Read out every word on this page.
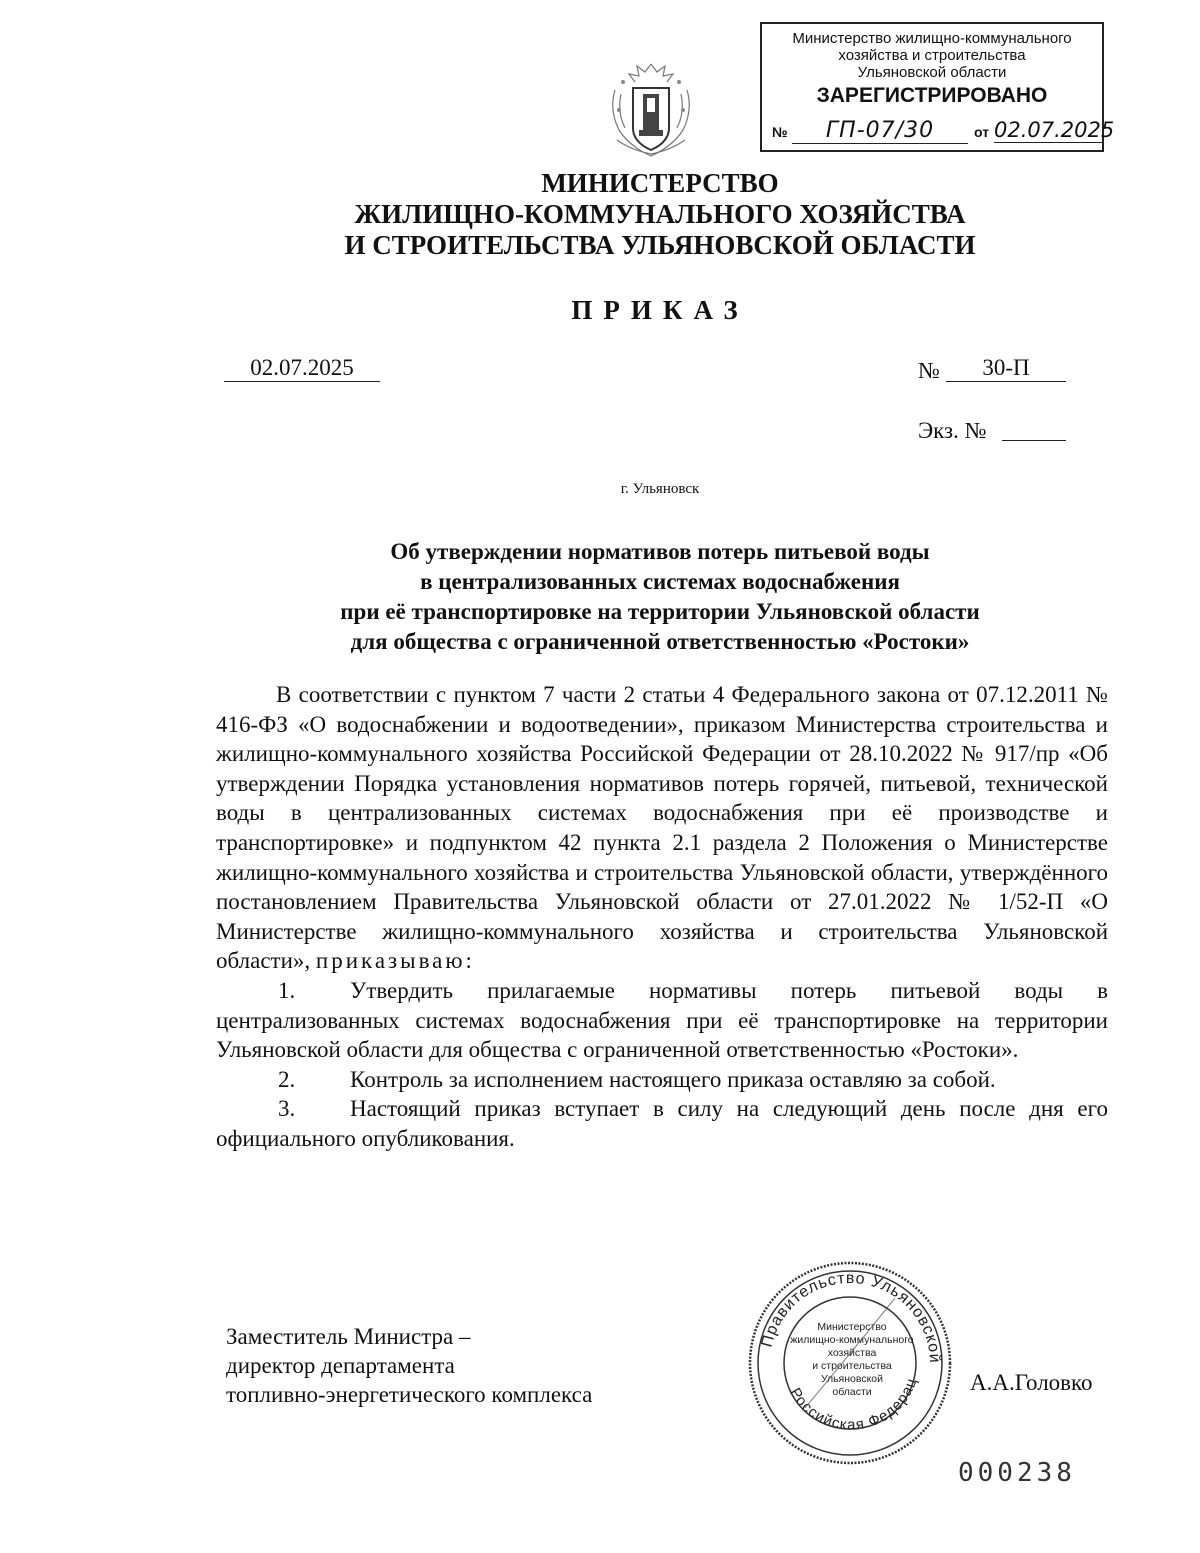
Министерство жилищно-коммунального
хозяйства и строительства
Ульяновской области
ЗАРЕГИСТРИРОВАНО
№	ГП-07/30	от 02.07.2025
МИНИСТЕРСТВО
ЖИЛИЩНО-КОММУНАЛЬНОГО ХОЗЯЙСТВА
И СТРОИТЕЛЬСТВА УЛЬЯНОВСКОЙ ОБЛАСТИ
ПРИКАЗ
02.07.2025	№	30-П
Экз. №
г. Ульяновск
Об утверждении нормативов потерь питьевой воды
в централизованных системах водоснабжения
при её транспортировке на территории Ульяновской области
для общества с ограниченной ответственностью «Ростоки»

В соответствии с пунктом 7 части 2 статьи 4 Федерального закона от 07.12.2011 № 416-ФЗ «О водоснабжении и водоотведении», приказом Министерства строительства и жилищно-коммунального хозяйства Российской Федерации от 28.10.2022 № 917/пр «Об утверждении Порядка установления нормативов потерь горячей, питьевой, технической воды в централизованных системах водоснабжения при её производстве и транспортировке» и подпунктом 42 пункта 2.1 раздела 2 Положения о Министерстве жилищно-коммунального хозяйства и строительства Ульяновской области, утверждённого постановлением Правительства Ульяновской области от 27.01.2022 № 1/52-П «О Министерстве жилищно-коммунального хозяйства и строительства Ульяновской области», приказываю:

1. Утвердить прилагаемые нормативы потерь питьевой воды в централизованных системах водоснабжения при её транспортировке на территории Ульяновской области для общества с ограниченной ответственностью «Ростоки».

2. Контроль за исполнением настоящего приказа оставляю за собой.

3. Настоящий приказ вступает в силу на следующий день после дня его официального опубликования.

Заместитель Министра –
директор департамента
топливно-энергетического комплекса	А.А.Головко
Правительство Ульяновской
Российская Федерац
Министерство
жилищно-коммунального
хозяйства
и строительства
Ульяновской
области
000238
